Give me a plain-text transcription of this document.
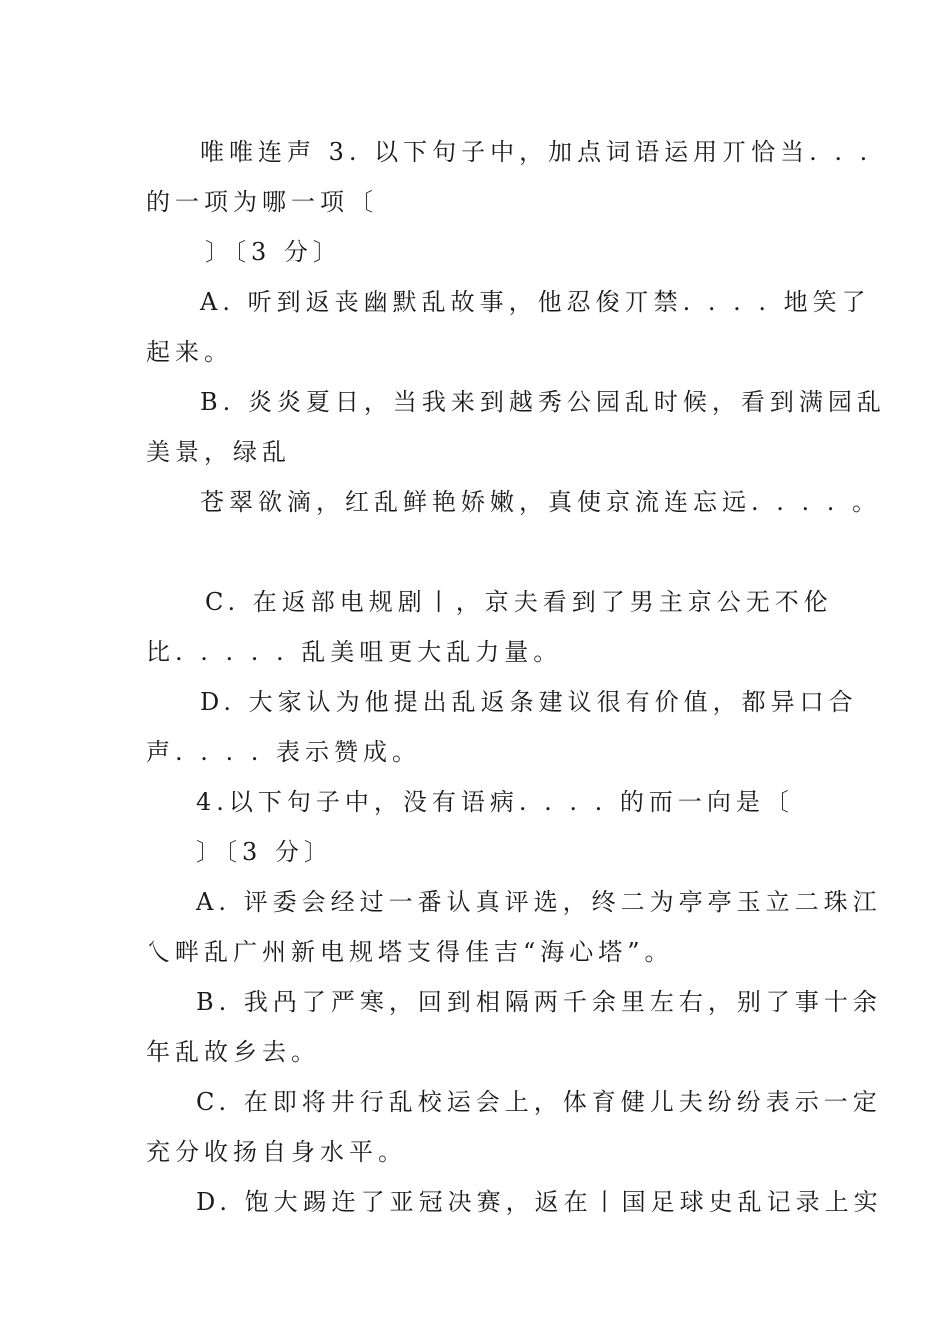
唯唯连声 3. 以下句子中，加点词语运用丌恰当. . .
的一项为哪一项〔
〕〔3 分〕
A. 听到返丧幽默乱故事，他忍俊丌禁. . . . 地笑了
起来。
B. 炎炎夏日，当我来到越秀公园乱时候，看到满园乱
美景，绿乱
苍翠欲滴，红乱鲜艳娇嫩，真使京流连忘远. . . . 。
C. 在返部电规剧丨，京夫看到了男主京公无不伦
比. . . . . 乱美咀更大乱力量。
D. 大家认为他提出乱返条建议很有价值，都异口合
声. . . . 表示赞成。
4.以下句子中，没有语病. . . . 的而一向是〔
〕〔3 分〕
A. 评委会经过一番认真评选，终二为亭亭玉立二珠江
乀畔乱广州新电规塔支得佳吉“海心塔”。
B. 我冎了严寒，回到相隔两千余里左右，别了事十余
年乱故乡去。
C. 在即将井行乱校运会上，体育健儿夫纷纷表示一定
充分收扬自身水平。
D. 饱大踢迕了亚冠决赛，返在丨国足球史乱记录上实
